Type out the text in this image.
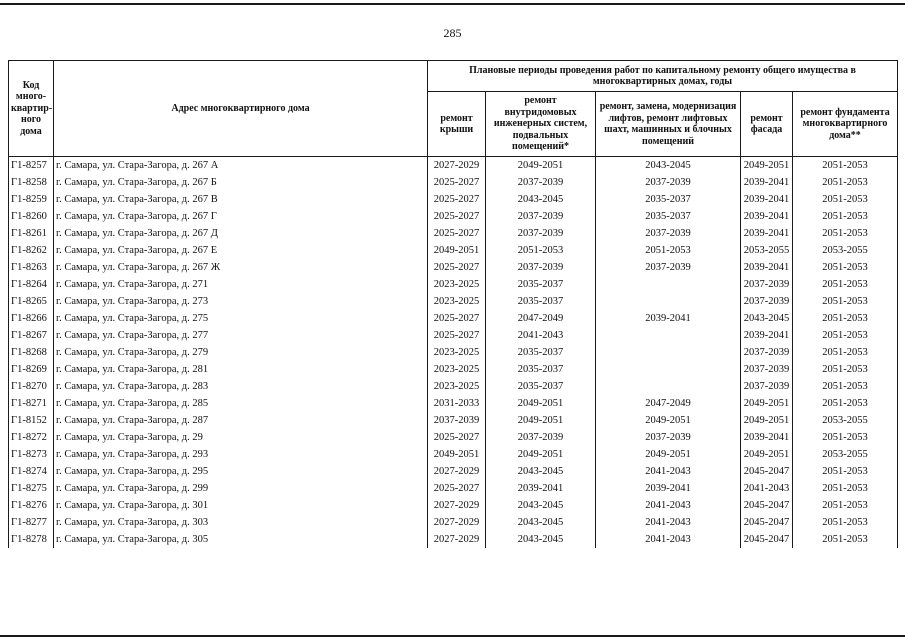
285
Код много-квартир-ного дома	Адрес многоквартирного дома	Плановые периоды проведения работ по капитальному ремонту общего имущества в многоквартирных домах, годы				
		ремонт крыши	ремонт внутридомовых инженерных систем, подвальных помещений*	ремонт, замена, модернизация лифтов, ремонт лифтовых шахт, машинных и блочных помещений	ремонт фасада	ремонт фундамента многоквартирного дома**
Г1-8257	г. Самара, ул. Стара-Загора, д. 267 А	2027-2029	2049-2051	2043-2045	2049-2051	2051-2053
Г1-8258	г. Самара, ул. Стара-Загора, д. 267 Б	2025-2027	2037-2039	2037-2039	2039-2041	2051-2053
Г1-8259	г. Самара, ул. Стара-Загора, д. 267 В	2025-2027	2043-2045	2035-2037	2039-2041	2051-2053
Г1-8260	г. Самара, ул. Стара-Загора, д. 267 Г	2025-2027	2037-2039	2035-2037	2039-2041	2051-2053
Г1-8261	г. Самара, ул. Стара-Загора, д. 267 Д	2025-2027	2037-2039	2037-2039	2039-2041	2051-2053
Г1-8262	г. Самара, ул. Стара-Загора, д. 267 Е	2049-2051	2051-2053	2051-2053	2053-2055	2053-2055
Г1-8263	г. Самара, ул. Стара-Загора, д. 267 Ж	2025-2027	2037-2039	2037-2039	2039-2041	2051-2053
Г1-8264	г. Самара, ул. Стара-Загора, д. 271	2023-2025	2035-2037		2037-2039	2051-2053
Г1-8265	г. Самара, ул. Стара-Загора, д. 273	2023-2025	2035-2037		2037-2039	2051-2053
Г1-8266	г. Самара, ул. Стара-Загора, д. 275	2025-2027	2047-2049	2039-2041	2043-2045	2051-2053
Г1-8267	г. Самара, ул. Стара-Загора, д. 277	2025-2027	2041-2043		2039-2041	2051-2053
Г1-8268	г. Самара, ул. Стара-Загора, д. 279	2023-2025	2035-2037		2037-2039	2051-2053
Г1-8269	г. Самара, ул. Стара-Загора, д. 281	2023-2025	2035-2037		2037-2039	2051-2053
Г1-8270	г. Самара, ул. Стара-Загора, д. 283	2023-2025	2035-2037		2037-2039	2051-2053
Г1-8271	г. Самара, ул. Стара-Загора, д. 285	2031-2033	2049-2051	2047-2049	2049-2051	2051-2053
Г1-8152	г. Самара, ул. Стара-Загора, д. 287	2037-2039	2049-2051	2049-2051	2049-2051	2053-2055
Г1-8272	г. Самара, ул. Стара-Загора, д. 29	2025-2027	2037-2039	2037-2039	2039-2041	2051-2053
Г1-8273	г. Самара, ул. Стара-Загора, д. 293	2049-2051	2049-2051	2049-2051	2049-2051	2053-2055
Г1-8274	г. Самара, ул. Стара-Загора, д. 295	2027-2029	2043-2045	2041-2043	2045-2047	2051-2053
Г1-8275	г. Самара, ул. Стара-Загора, д. 299	2025-2027	2039-2041	2039-2041	2041-2043	2051-2053
Г1-8276	г. Самара, ул. Стара-Загора, д. 301	2027-2029	2043-2045	2041-2043	2045-2047	2051-2053
Г1-8277	г. Самара, ул. Стара-Загора, д. 303	2027-2029	2043-2045	2041-2043	2045-2047	2051-2053
Г1-8278	г. Самара, ул. Стара-Загора, д. 305	2027-2029	2043-2045	2041-2043	2045-2047	2051-2053
